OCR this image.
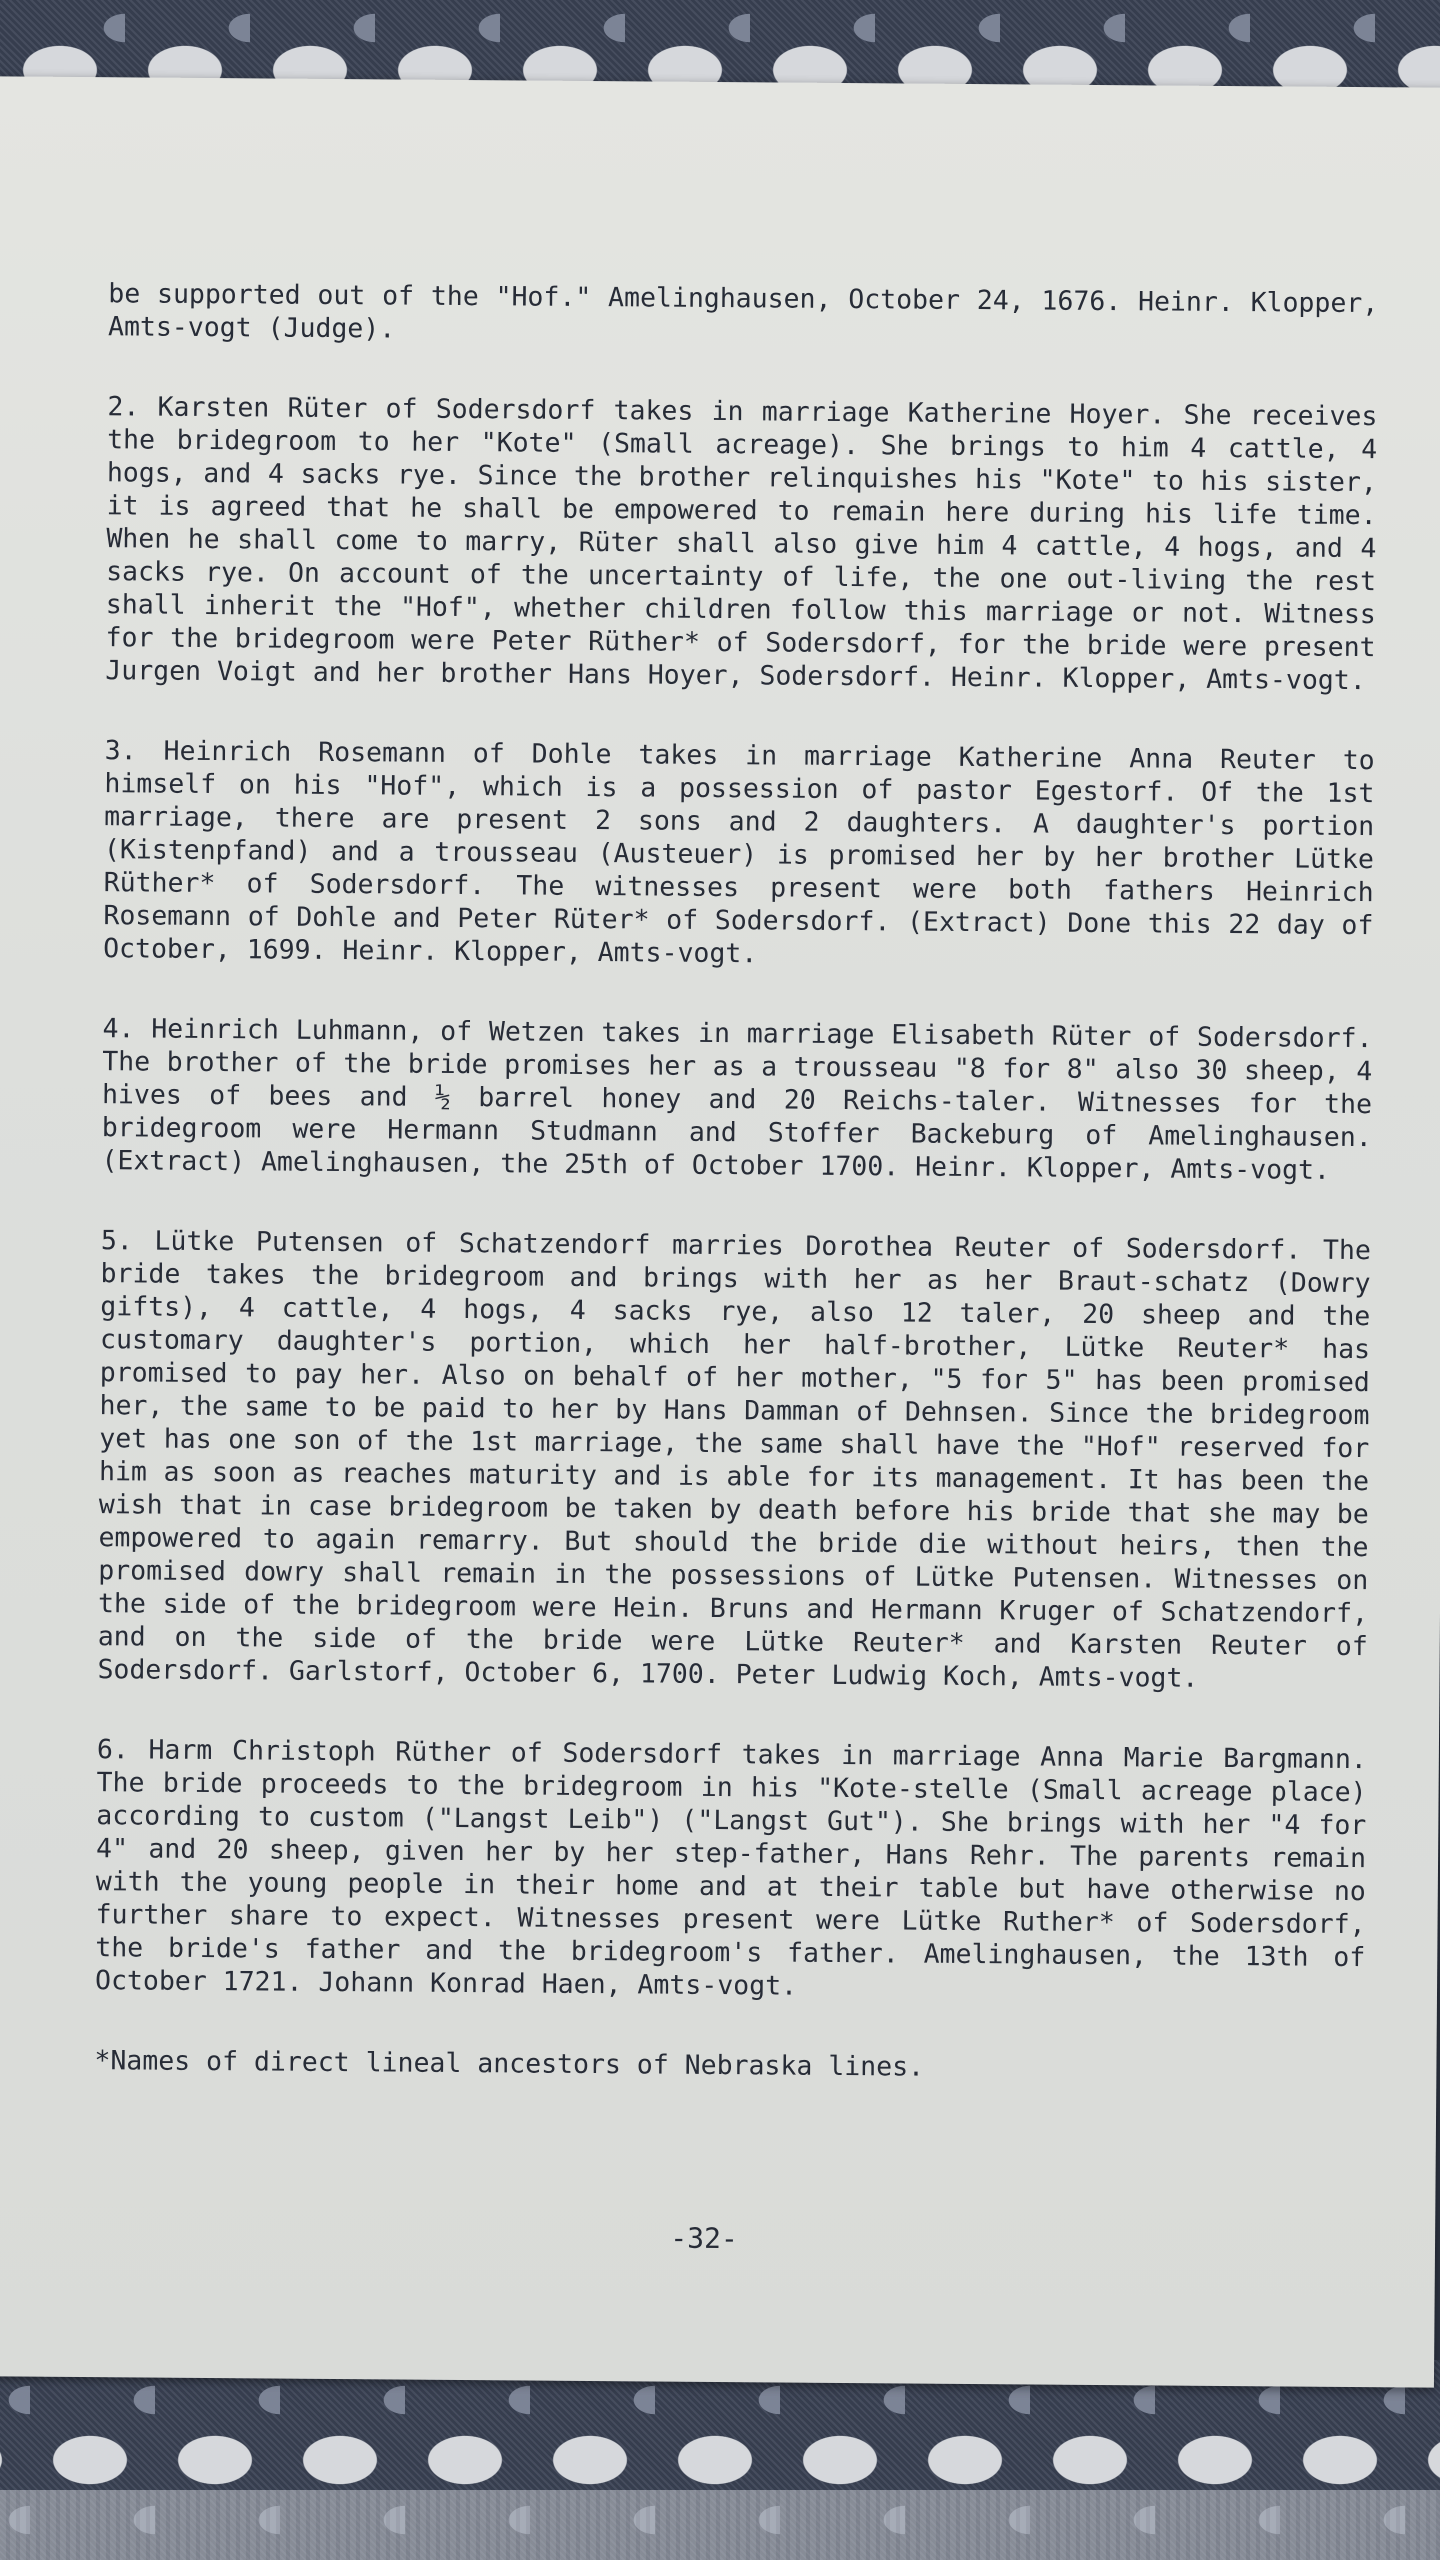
be supported out of the "Hof." Amelinghausen, October 24, 1676. Heinr. Klopper, Amts-vogt (Judge).

2. Karsten Rüter of Sodersdorf takes in marriage Katherine Hoyer. She receives the bridegroom to her "Kote" (Small acreage). She brings to him 4 cattle, 4 hogs, and 4 sacks rye. Since the brother relinquishes his "Kote" to his sister, it is agreed that he shall be empowered to remain here during his life time. When he shall come to marry, Rüter shall also give him 4 cattle, 4 hogs, and 4 sacks rye. On account of the uncertainty of life, the one out-living the rest shall inherit the "Hof", whether children follow this marriage or not. Witness for the bridegroom were Peter Rüther* of Sodersdorf, for the bride were present Jurgen Voigt and her brother Hans Hoyer, Sodersdorf. Heinr. Klopper, Amts-vogt.

3. Heinrich Rosemann of Dohle takes in marriage Katherine Anna Reuter to himself on his "Hof", which is a possession of pastor Egestorf. Of the 1st marriage, there are present 2 sons and 2 daughters. A daughter's portion (Kistenpfand) and a trousseau (Austeuer) is promised her by her brother Lütke Rüther* of Sodersdorf. The witnesses present were both fathers Heinrich Rosemann of Dohle and Peter Rüter* of Sodersdorf. (Extract) Done this 22 day of October, 1699. Heinr. Klopper, Amts-vogt.

4. Heinrich Luhmann, of Wetzen takes in marriage Elisabeth Rüter of Sodersdorf. The brother of the bride promises her as a trousseau "8 for 8" also 30 sheep, 4 hives of bees and ½ barrel honey and 20 Reichs-taler. Witnesses for the bridegroom were Hermann Studmann and Stoffer Backeburg of Amelinghausen. (Extract) Amelinghausen, the 25th of October 1700. Heinr. Klopper, Amts-vogt.

5. Lütke Putensen of Schatzendorf marries Dorothea Reuter of Sodersdorf. The bride takes the bridegroom and brings with her as her Braut-schatz (Dowry gifts), 4 cattle, 4 hogs, 4 sacks rye, also 12 taler, 20 sheep and the customary daughter's portion, which her half-brother, Lütke Reuter* has promised to pay her. Also on behalf of her mother, "5 for 5" has been promised her, the same to be paid to her by Hans Damman of Dehnsen. Since the bridegroom yet has one son of the 1st marriage, the same shall have the "Hof" reserved for him as soon as reaches maturity and is able for its management. It has been the wish that in case bridegroom be taken by death before his bride that she may be empowered to again remarry. But should the bride die without heirs, then the promised dowry shall remain in the possessions of Lütke Putensen. Witnesses on the side of the bridegroom were Hein. Bruns and Hermann Kruger of Schatzendorf, and on the side of the bride were Lütke Reuter* and Karsten Reuter of Sodersdorf. Garlstorf, October 6, 1700. Peter Ludwig Koch, Amts-vogt.

6. Harm Christoph Rüther of Sodersdorf takes in marriage Anna Marie Bargmann. The bride proceeds to the bridegroom in his "Kote-stelle (Small acreage place) according to custom ("Langst Leib") ("Langst Gut"). She brings with her "4 for 4" and 20 sheep, given her by her step-father, Hans Rehr. The parents remain with the young people in their home and at their table but have otherwise no further share to expect. Witnesses present were Lütke Ruther* of Sodersdorf, the bride's father and the bridegroom's father. Amelinghausen, the 13th of October 1721. Johann Konrad Haen, Amts-vogt.

*Names of direct lineal ancestors of Nebraska lines.

-32-
